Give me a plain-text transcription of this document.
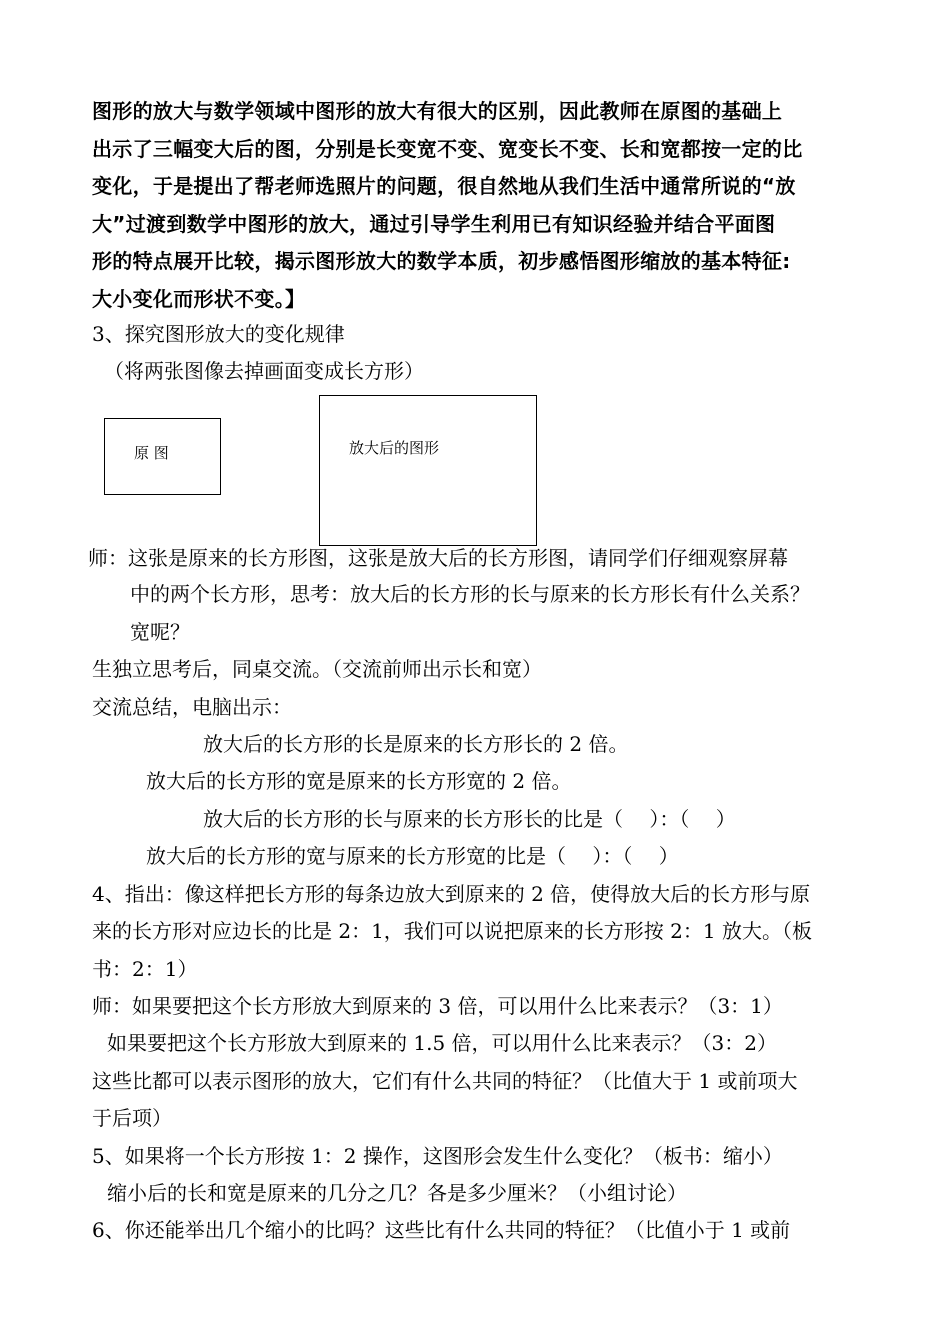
图形的放大与数学领域中图形的放大有很大的区别，因此教师在原图的基础上
出示了三幅变大后的图，分别是长变宽不变、宽变长不变、长和宽都按一定的比
变化，于是提出了帮老师选照片的问题，很自然地从我们生活中通常所说的“放
大”过渡到数学中图形的放大，通过引导学生利用已有知识经验并结合平面图
形的特点展开比较，揭示图形放大的数学本质，初步感悟图形缩放的基本特征:
大小变化而形状不变。】
3、探究图形放大的变化规律
（将两张图像去掉画面变成长方形）
原 图	放大后的图形
师：这张是原来的长方形图，这张是放大后的长方形图，请同学们仔细观察屏幕
中的两个长方形，思考：放大后的长方形的长与原来的长方形长有什么关系？
宽呢？
生独立思考后，同桌交流。（交流前师出示长和宽）
交流总结，电脑出示：
放大后的长方形的长是原来的长方形长的 2 倍。
放大后的长方形的宽是原来的长方形宽的 2 倍。
放大后的长方形的长与原来的长方形长的比是（　 ）：（　 ）
放大后的长方形的宽与原来的长方形宽的比是（　 ）：（　 ）
4、指出：像这样把长方形的每条边放大到原来的 2 倍，使得放大后的长方形与原
来的长方形对应边长的比是 2：1，我们可以说把原来的长方形按 2：1 放大。（板
书：2：1）
师：如果要把这个长方形放大到原来的 3 倍，可以用什么比来表示？（3：1）
如果要把这个长方形放大到原来的 1.5 倍，可以用什么比来表示？（3：2）
这些比都可以表示图形的放大，它们有什么共同的特征？（比值大于 1 或前项大
于后项）
5、如果将一个长方形按 1：2 操作，这图形会发生什么变化？（板书：缩小）
缩小后的长和宽是原来的几分之几？各是多少厘米？（小组讨论）
6、你还能举出几个缩小的比吗？这些比有什么共同的特征？（比值小于 1 或前
